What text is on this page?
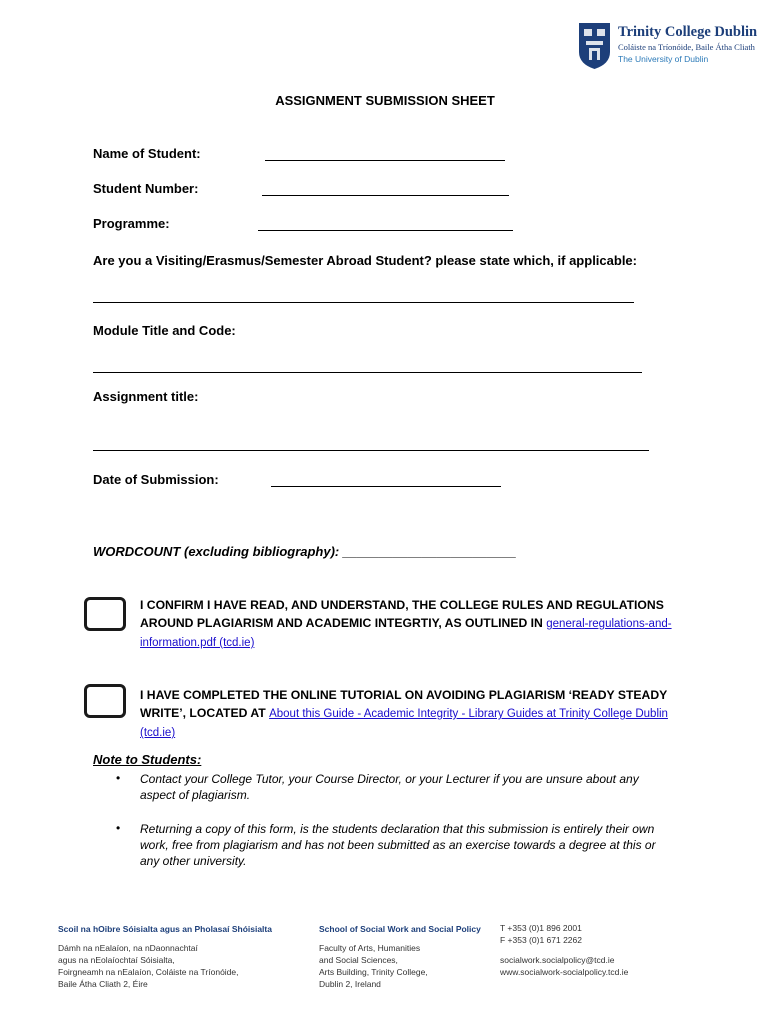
Trinity College Dublin
Coláiste na Tríonóide, Baile Átha Cliath
The University of Dublin
ASSIGNMENT SUBMISSION SHEET
Name of Student:
Student Number:
Programme:
Are you a Visiting/Erasmus/Semester Abroad Student? please state which, if applicable:
Module Title and Code:
Assignment title:
Date of Submission:
WORDCOUNT (excluding bibliography): ________________________
I CONFIRM I HAVE READ, AND UNDERSTAND, THE COLLEGE RULES AND REGULATIONS AROUND PLAGIARISM AND ACADEMIC INTEGRTIY, AS OUTLINED IN general-regulations-and-information.pdf (tcd.ie)
I HAVE COMPLETED THE ONLINE TUTORIAL ON AVOIDING PLAGIARISM ‘READY STEADY WRITE’, LOCATED AT About this Guide - Academic Integrity - Library Guides at Trinity College Dublin (tcd.ie)
Note to Students:
• Contact your College Tutor, your Course Director, or your Lecturer if you are unsure about any aspect of plagiarism.
• Returning a copy of this form, is the students declaration that this submission is entirely their own work, free from plagiarism and has not been submitted as an exercise towards a degree at this or any other university.
Scoil na hOibre Sóisialta agus an Pholasaí Shóisialta
Dámh na nEalaíon, na nDaonnachtaí
agus na nEolaíochtaí Sóisialta,
Foirgneamh na nEalaíon, Coláiste na Tríonóide,
Baile Átha Cliath 2, Éire
School of Social Work and Social Policy
Faculty of Arts, Humanities
and Social Sciences,
Arts Building, Trinity College,
Dublin 2, Ireland
T +353 (0)1 896 2001
F +353 (0)1 671 2262
socialwork.socialpolicy@tcd.ie
www.socialwork-socialpolicy.tcd.ie
